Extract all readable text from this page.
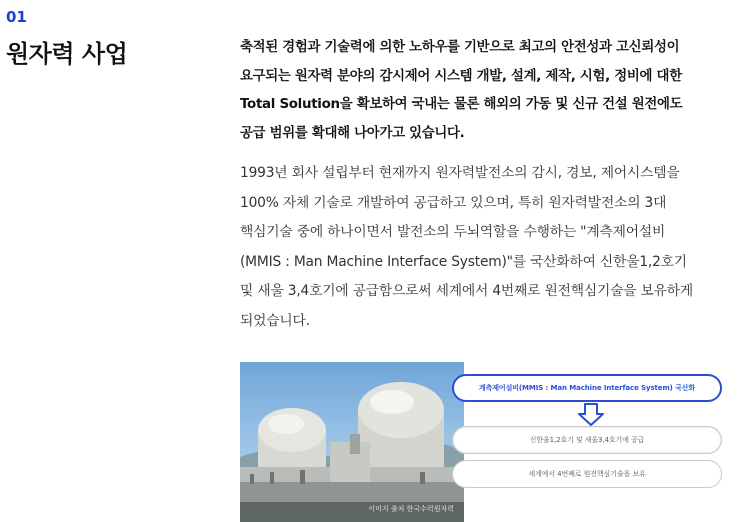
01
원자력 사업	축적된 경험과 기술력에 의한 노하우를 기반으로 최고의 안전성과 고신뢰성이
요구되는 원자력 분야의 감시제어 시스템 개발, 설계, 제작, 시험, 정비에 대한
Total Solution을 확보하여 국내는 물론 해외의 가동 및 신규 건설 원전에도
공급 범위를 확대해 나아가고 있습니다.
1993년 회사 설립부터 현재까지 원자력발전소의 감시, 경보, 제어시스템을
100% 자체 기술로 개발하여 공급하고 있으며, 특히 원자력발전소의 3대
핵심기술 중에 하나이면서 발전소의 두뇌역할을 수행하는 "계측제어설비
(MMIS : Man Machine Interface System)"를 국산화하여 신한울1,2호기
및 새울 3,4호기에 공급함으로써 세계에서 4번째로 원전핵심기술을 보유하게
되었습니다.
이미지 출처 한국수력원자력
계측제어설비(MMIS : Man Machine Interface System) 국산화
신한울1,2호기 및 새울3,4호기에 공급
세계에서 4번째로 원전핵심기술을 보유
